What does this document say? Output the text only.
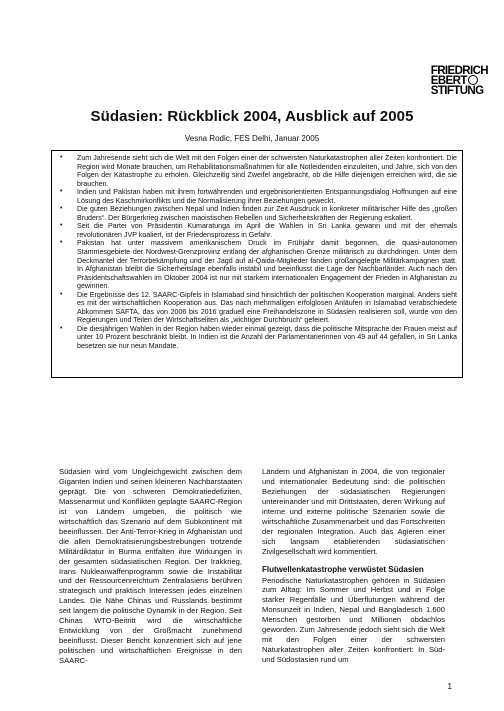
FRIEDRICH
EBERT
STIFTUNG
Südasien: Rückblick 2004, Ausblick auf 2005
Vesna Rodic, FES Delhi, Januar 2005
• Zum Jahresende sieht sich die Welt mit den Folgen einer der schwersten Naturkatastrophen aller Zeiten konfrontiert. Die Region wird Monate brauchen, um Rehabilitationsmaßnahmen für alle Notleidenden einzuleiten, und Jahre, sich von den Folgen der Katastrophe zu erholen. Gleichzeitig sind Zweifel angebracht, ob die Hilfe diejenigen erreichen wird, die sie brauchen.
• Indien und Pakistan haben mit ihrem fortwährenden und ergebnisorientierten Entspannungsdialog Hoffnungen auf eine Lösung des Kaschmirkonflikts und die Normalisierung ihrer Beziehungen geweckt.
• Die guten Beziehungen zwischen Nepal und Indien finden zur Zeit Ausdruck in konkreter militärischer Hilfe des „großen Bruders“. Der Bürgerkrieg zwischen maoistischen Rebellen und Sicherheitskräften der Regierung eskaliert.
• Seit die Partei von Präsidentin Kumaratunga im April die Wahlen in Sri Lanka gewann und mit der ehemals revolutionären JVP koaliert, ist der Friedensprozess in Gefahr.
• Pakistan hat unter massivem amerikanischem Druck im Frühjahr damit begonnen, die quasi-autonomen Stammesgebiete der Nordwest-Grenzprovinz entlang der afghanischen Grenze militärisch zu durchdringen. Unter dem Deckmantel der Terrorbekämpfung und der Jagd auf al-Qaida-Mitglieder fanden großangelegte Militärkampagnen statt. In Afghanistan bleibt die Sicherheitslage ebenfalls instabil und beeinflusst die Lage der Nachbarländer. Auch nach den Präsidentschaftswahlen im Oktober 2004 ist nur mit starkem internationalen Engagement der Frieden in Afghanistan zu gewinnen.
• Die Ergebnisse des 12. SAARC-Gipfels in Islamabad sind hinsichtlich der politischen Kooperation marginal. Anders sieht es mit der wirtschaftlichen Kooperation aus. Das nach mehrmaligen erfolglosen Anläufen in Islamabad verabschiedete Abkommen SAFTA, das von 2006 bis 2016 graduell eine Freihandelszone in Südasien realisieren soll, wurde von den Regierungen und Teilen der Wirtschaftseliten als „wichtiger Durchbruch“ gefeiert.
• Die diesjährigen Wahlen in der Region haben wieder einmal gezeigt, dass die politische Mitsprache der Frauen meist auf unter 10 Prozent beschränkt bleibt. In Indien ist die Anzahl der Parlamentarierinnen von 49 auf 44 gefallen, in Sri Lanka besetzen sie nur neun Mandate.

Südasien wird vom Ungleichgewicht zwischen dem Giganten Indien und seinen kleineren Nachbarstaaten geprägt. Die von schweren Demokratiedefiziten, Massenarmut und Konflikten geplagte SAARC-Region ist von Ländern umgeben, die politisch wie wirtschaftlich das Szenario auf dem Subkontinent mit beeinflussen. Der Anti-Terror-Krieg in Afghanistan und die allen Demokratisierungsbestrebungen trotzende Militärdiktatur in Burma entfalten ihre Wirkungen in der gesamten südasiatischen Region. Der Irakkrieg, Irans Nuklearwaffenprogramm sowie die Instabilität und der Ressourcenreichtum Zentralasiens berühren strategisch und praktisch Interessen jedes einzelnen Landes. Die Nähe Chinas und Russlands bestimmt seit langem die politische Dynamik in der Region. Seit Chinas WTO-Beitritt wird die wirtschaftliche Entwicklung von der Großmacht zunehmend beeinflusst. Dieser Bericht konzentriert sich auf jene politischen und wirtschaftlichen Ereignisse in den SAARC-

Ländern und Afghanistan in 2004, die von regionaler und internationaler Bedeutung sind: die politischen Beziehungen der südasiatischen Regierungen untereinander und mit Drittstaaten, deren Wirkung auf interne und externe politische Szenarien sowie die wirtschaftliche Zusammenarbeit und das Fortschreiten der regionalen Integration. Auch das Agieren einer sich langsam etablierenden südasiatischen Zivilgesellschaft wird kommentiert.

Flutwellenkatastrophe verwüstet Südasien

Periodische Naturkatastrophen gehören in Südasien zum Alltag: Im Sommer und Herbst und in Folge starker Regenfälle und Überflutungen während der Monsunzeit in Indien, Nepal und Bangladesch 1.600 Menschen gestorben und Millionen obdachlos geworden. Zum Jahresende jedoch sieht sich die Welt mit den Folgen einer der schwersten Naturkatastrophen aller Zeiten konfrontiert: In Süd- und Südostasien rund um

1
